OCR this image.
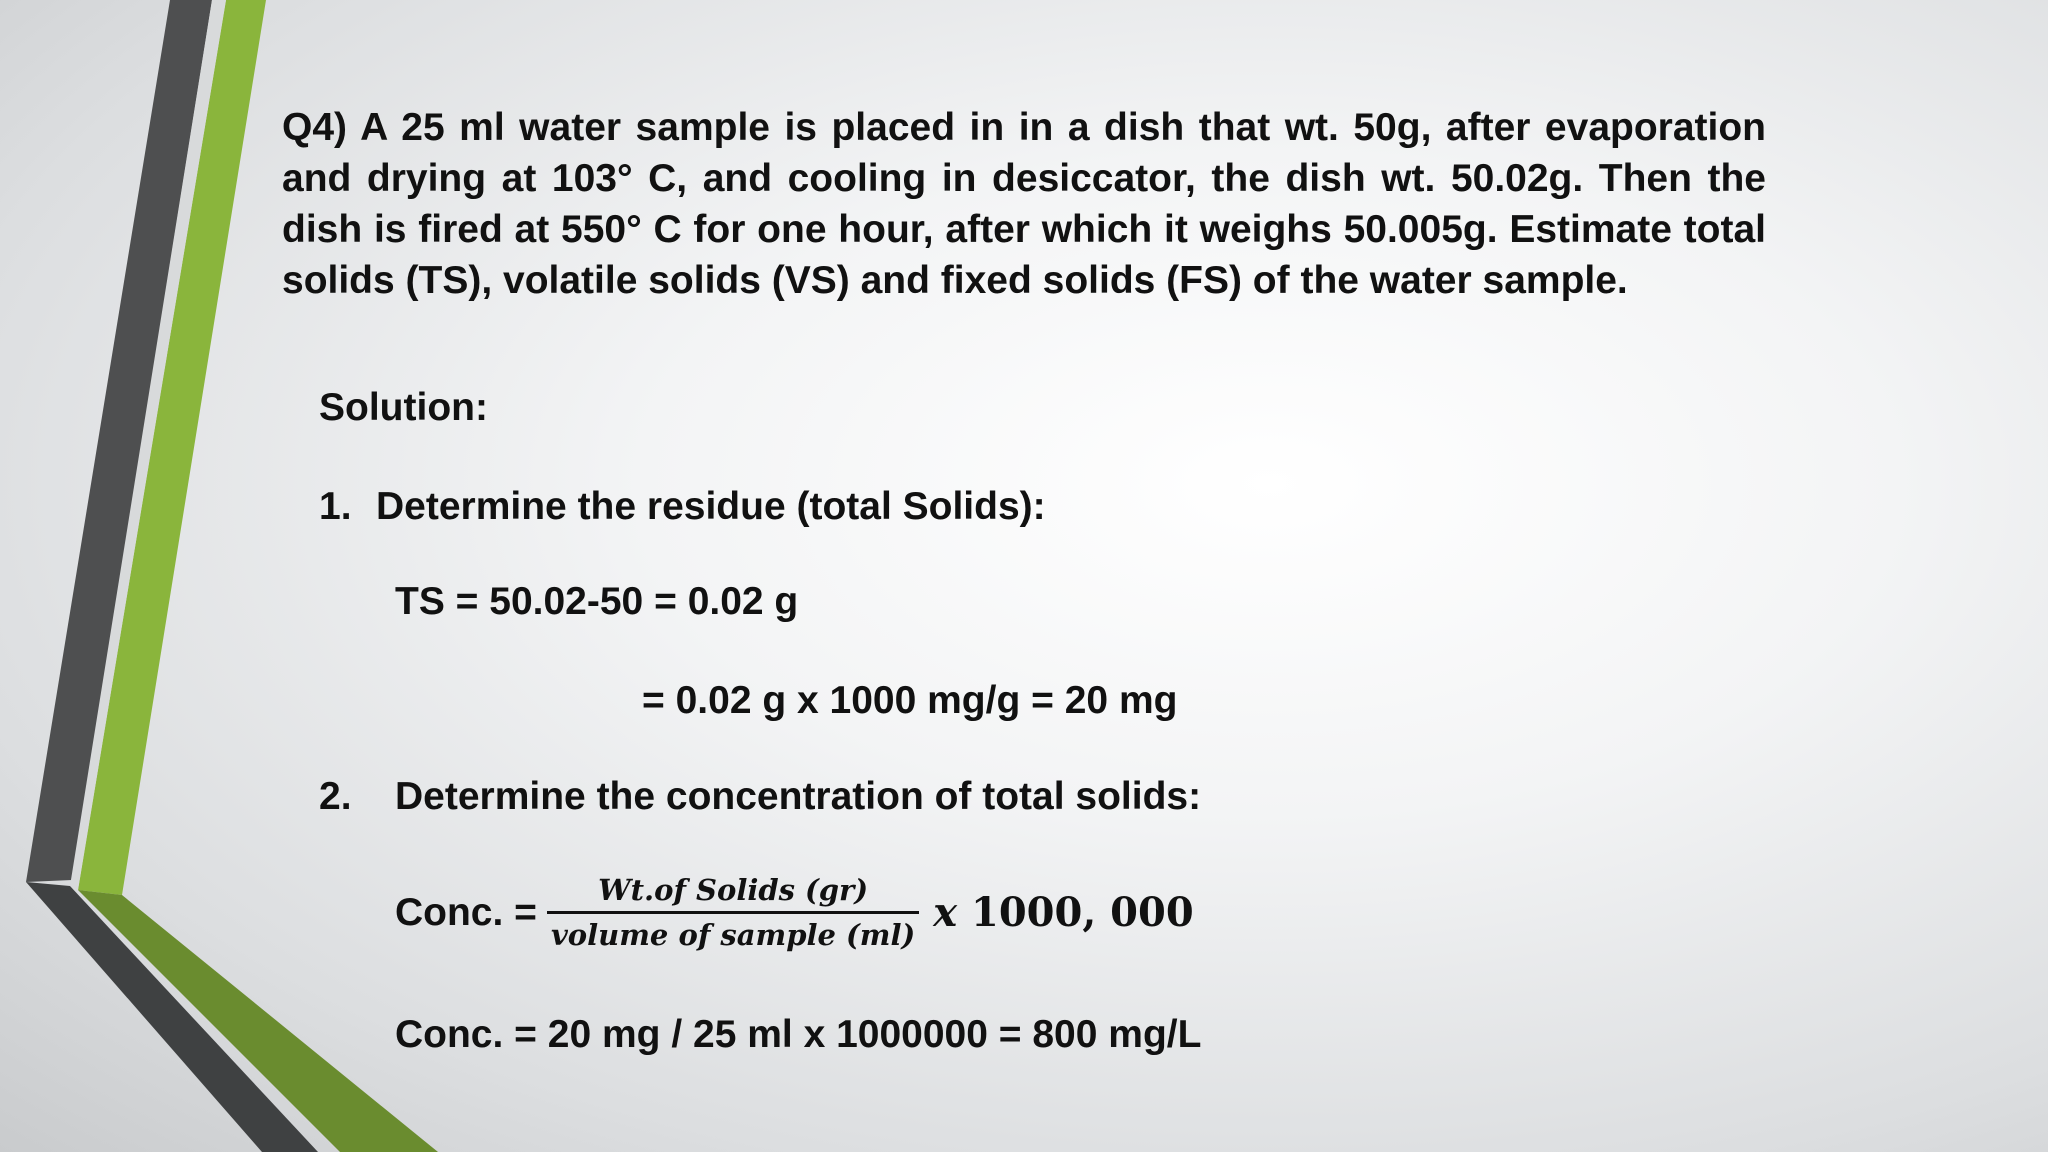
Q4) A 25 ml water sample is placed in in a dish that wt. 50g, after evaporation and drying at 103° C, and cooling in desiccator, the dish wt. 50.02g. Then the dish is fired at 550° C for one hour, after which it weighs 50.005g. Estimate total solids (TS), volatile solids (VS) and fixed solids (FS) of the water sample.

Solution:
1. Determine the residue (total Solids):
TS = 50.02-50 = 0.02 g
= 0.02 g x 1000 mg/g = 20 mg
2. Determine the concentration of total solids:
Conc. = $\frac{\text{Wt.of Solids (gr)}}{\text{volume of sample (ml)}}$ x 1000, 000
Conc. = 20 mg / 25 ml x 1000000 = 800 mg/L
